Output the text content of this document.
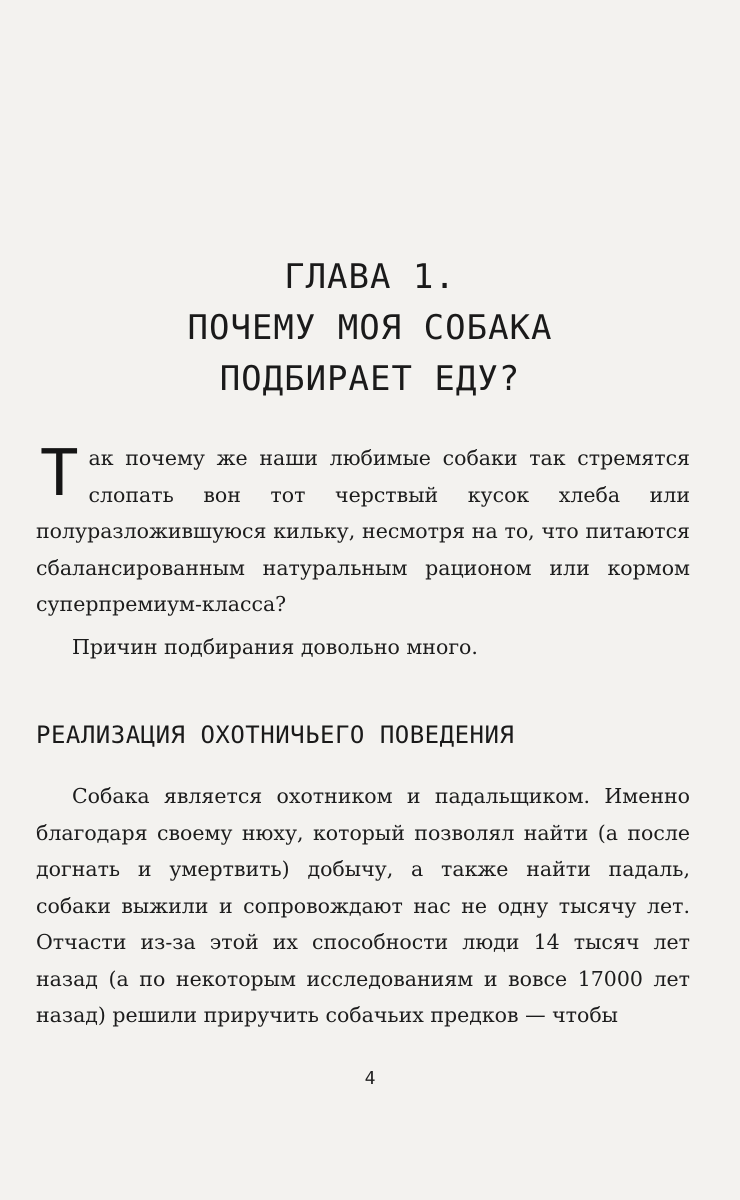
ГЛАВА 1.
ПОЧЕМУ МОЯ СОБАКА
ПОДБИРАЕТ ЕДУ?

Так почему же наши любимые собаки так стремятся слопать вон тот черствый кусок хлеба или полуразложившуюся кильку, несмотря на то, что питаются сбалансированным натуральным рационом или кормом суперпремиум-класса?

Причин подбирания довольно много.

РЕАЛИЗАЦИЯ ОХОТНИЧЬЕГО ПОВЕДЕНИЯ

Собака является охотником и падальщиком. Именно благодаря своему нюху, который позволял найти (а после догнать и умертвить) добычу, а также найти падаль, собаки выжили и сопровождают нас не одну тысячу лет. Отчасти из-за этой их способности люди 14 тысяч лет назад (а по некоторым исследованиям и вовсе 17000 лет назад) решили приручить собачьих предков — чтобы

4
